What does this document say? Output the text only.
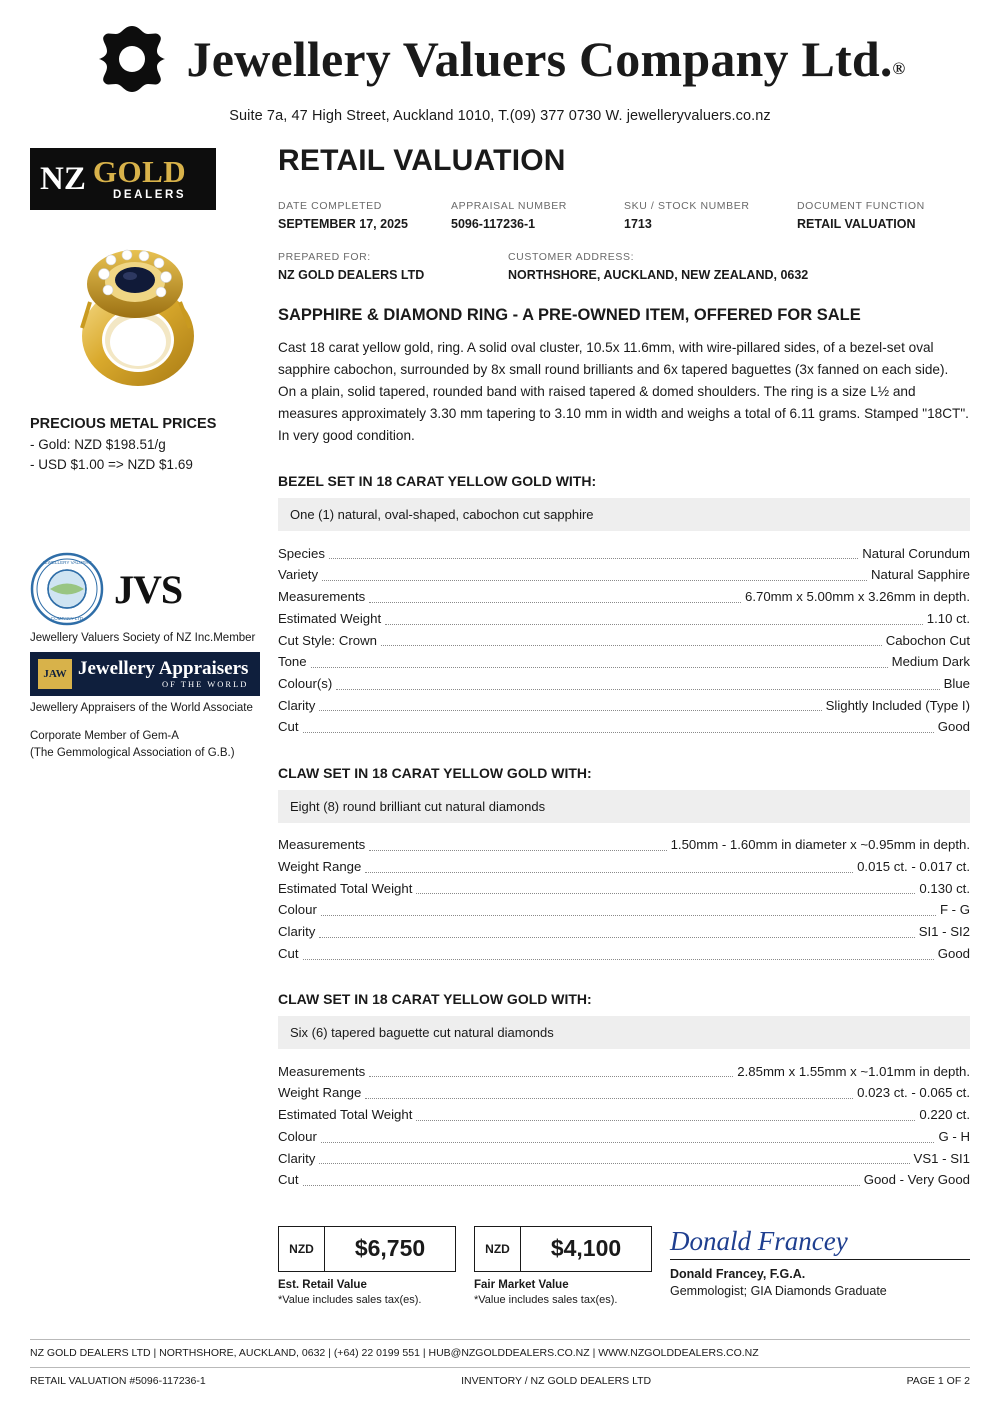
Jewellery Valuers Company Ltd.®
Suite 7a, 47 High Street, Auckland 1010, T.(09) 377 0730 W. jewelleryvaluers.co.nz
NZ GOLD
DEALERS
PRECIOUS METAL PRICES
- Gold: NZD $198.51/g
- USD $1.00 => NZD $1.69
JEWELLERY VALUERS
COMPANY LTD
JVS
Jewellery Valuers Society of NZ Inc.Member
JAW Jewellery Appraisers
OF THE WORLD
Jewellery Appraisers of the World Associate
Corporate Member of Gem-A
(The Gemmological Association of G.B.)
RETAIL VALUATION
DATE COMPLETED
SEPTEMBER 17, 2025
APPRAISAL NUMBER
5096-117236-1
SKU / STOCK NUMBER
1713
DOCUMENT FUNCTION
RETAIL VALUATION
PREPARED FOR:
NZ GOLD DEALERS LTD
CUSTOMER ADDRESS:
NORTHSHORE, AUCKLAND, NEW ZEALAND, 0632
SAPPHIRE & DIAMOND RING - A PRE-OWNED ITEM, OFFERED FOR SALE

Cast 18 carat yellow gold, ring. A solid oval cluster, 10.5x 11.6mm, with wire-pillared sides, of a bezel-set oval sapphire cabochon, surrounded by 8x small round brilliants and 6x tapered baguettes (3x fanned on each side). On a plain, solid tapered, rounded band with raised tapered & domed shoulders. The ring is a size L½ and measures approximately 3.30 mm tapering to 3.10 mm in width and weighs a total of 6.11 grams. Stamped "18CT". In very good condition.

BEZEL SET IN 18 CARAT YELLOW GOLD WITH:
One (1) natural, oval-shaped, cabochon cut sapphire
Species	Natural Corundum
Variety	Natural Sapphire
Measurements	6.70mm x 5.00mm x 3.26mm in depth.
Estimated Weight	1.10 ct.
Cut Style: Crown	Cabochon Cut
Tone	Medium Dark
Colour(s)	Blue
Clarity	Slightly Included (Type I)
Cut	Good
CLAW SET IN 18 CARAT YELLOW GOLD WITH:
Eight (8) round brilliant cut natural diamonds
Measurements	1.50mm - 1.60mm in diameter x ~0.95mm in depth.
Weight Range	0.015 ct. - 0.017 ct.
Estimated Total Weight	0.130 ct.
Colour	F - G
Clarity	SI1 - SI2
Cut	Good
CLAW SET IN 18 CARAT YELLOW GOLD WITH:
Six (6) tapered baguette cut natural diamonds
Measurements	2.85mm x 1.55mm x ~1.01mm in depth.
Weight Range	0.023 ct. - 0.065 ct.
Estimated Total Weight	0.220 ct.
Colour	G - H
Clarity	VS1 - SI1
Cut	Good - Very Good
NZD	$6,750
Est. Retail Value
*Value includes sales tax(es).
NZD	$4,100
Fair Market Value
*Value includes sales tax(es).
Donald Francey
Donald Francey, F.G.A.
Gemmologist; GIA Diamonds Graduate
NZ GOLD DEALERS LTD | NORTHSHORE, AUCKLAND, 0632 | (+64) 22 0199 551 | HUB@NZGOLDDEALERS.CO.NZ | WWW.NZGOLDDEALERS.CO.NZ
RETAIL VALUATION #5096-117236-1	INVENTORY / NZ GOLD DEALERS LTD	PAGE 1 OF 2
